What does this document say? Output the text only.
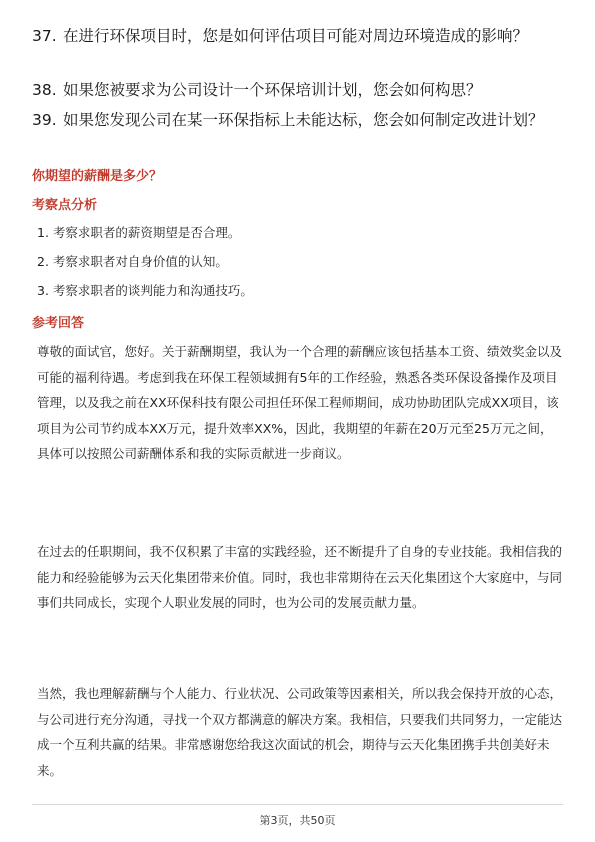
37. 在进行环保项目时，您是如何评估项目可能对周边环境造成的影响？
38. 如果您被要求为公司设计一个环保培训计划，您会如何构思？
39. 如果您发现公司在某一环保指标上未能达标，您会如何制定改进计划？
你期望的薪酬是多少？
考察点分析
1. 考察求职者的薪资期望是否合理。
2. 考察求职者对自身价值的认知。
3. 考察求职者的谈判能力和沟通技巧。
参考回答

尊敬的面试官，您好。关于薪酬期望，我认为一个合理的薪酬应该包括基本工资、绩效奖金以及可能的福利待遇。考虑到我在环保工程领域拥有5年的工作经验，熟悉各类环保设备操作及项目管理，以及我之前在XX环保科技有限公司担任环保工程师期间，成功协助团队完成XX项目，该项目为公司节约成本XX万元，提升效率XX%，因此，我期望的年薪在20万元至25万元之间，具体可以按照公司薪酬体系和我的实际贡献进一步商议。

在过去的任职期间，我不仅积累了丰富的实践经验，还不断提升了自身的专业技能。我相信我的能力和经验能够为云天化集团带来价值。同时，我也非常期待在云天化集团这个大家庭中，与同事们共同成长，实现个人职业发展的同时，也为公司的发展贡献力量。

当然，我也理解薪酬与个人能力、行业状况、公司政策等因素相关，所以我会保持开放的心态，与公司进行充分沟通，寻找一个双方都满意的解决方案。我相信，只要我们共同努力，一定能达成一个互利共赢的结果。非常感谢您给我这次面试的机会，期待与云天化集团携手共创美好未来。

第3页，共50页
